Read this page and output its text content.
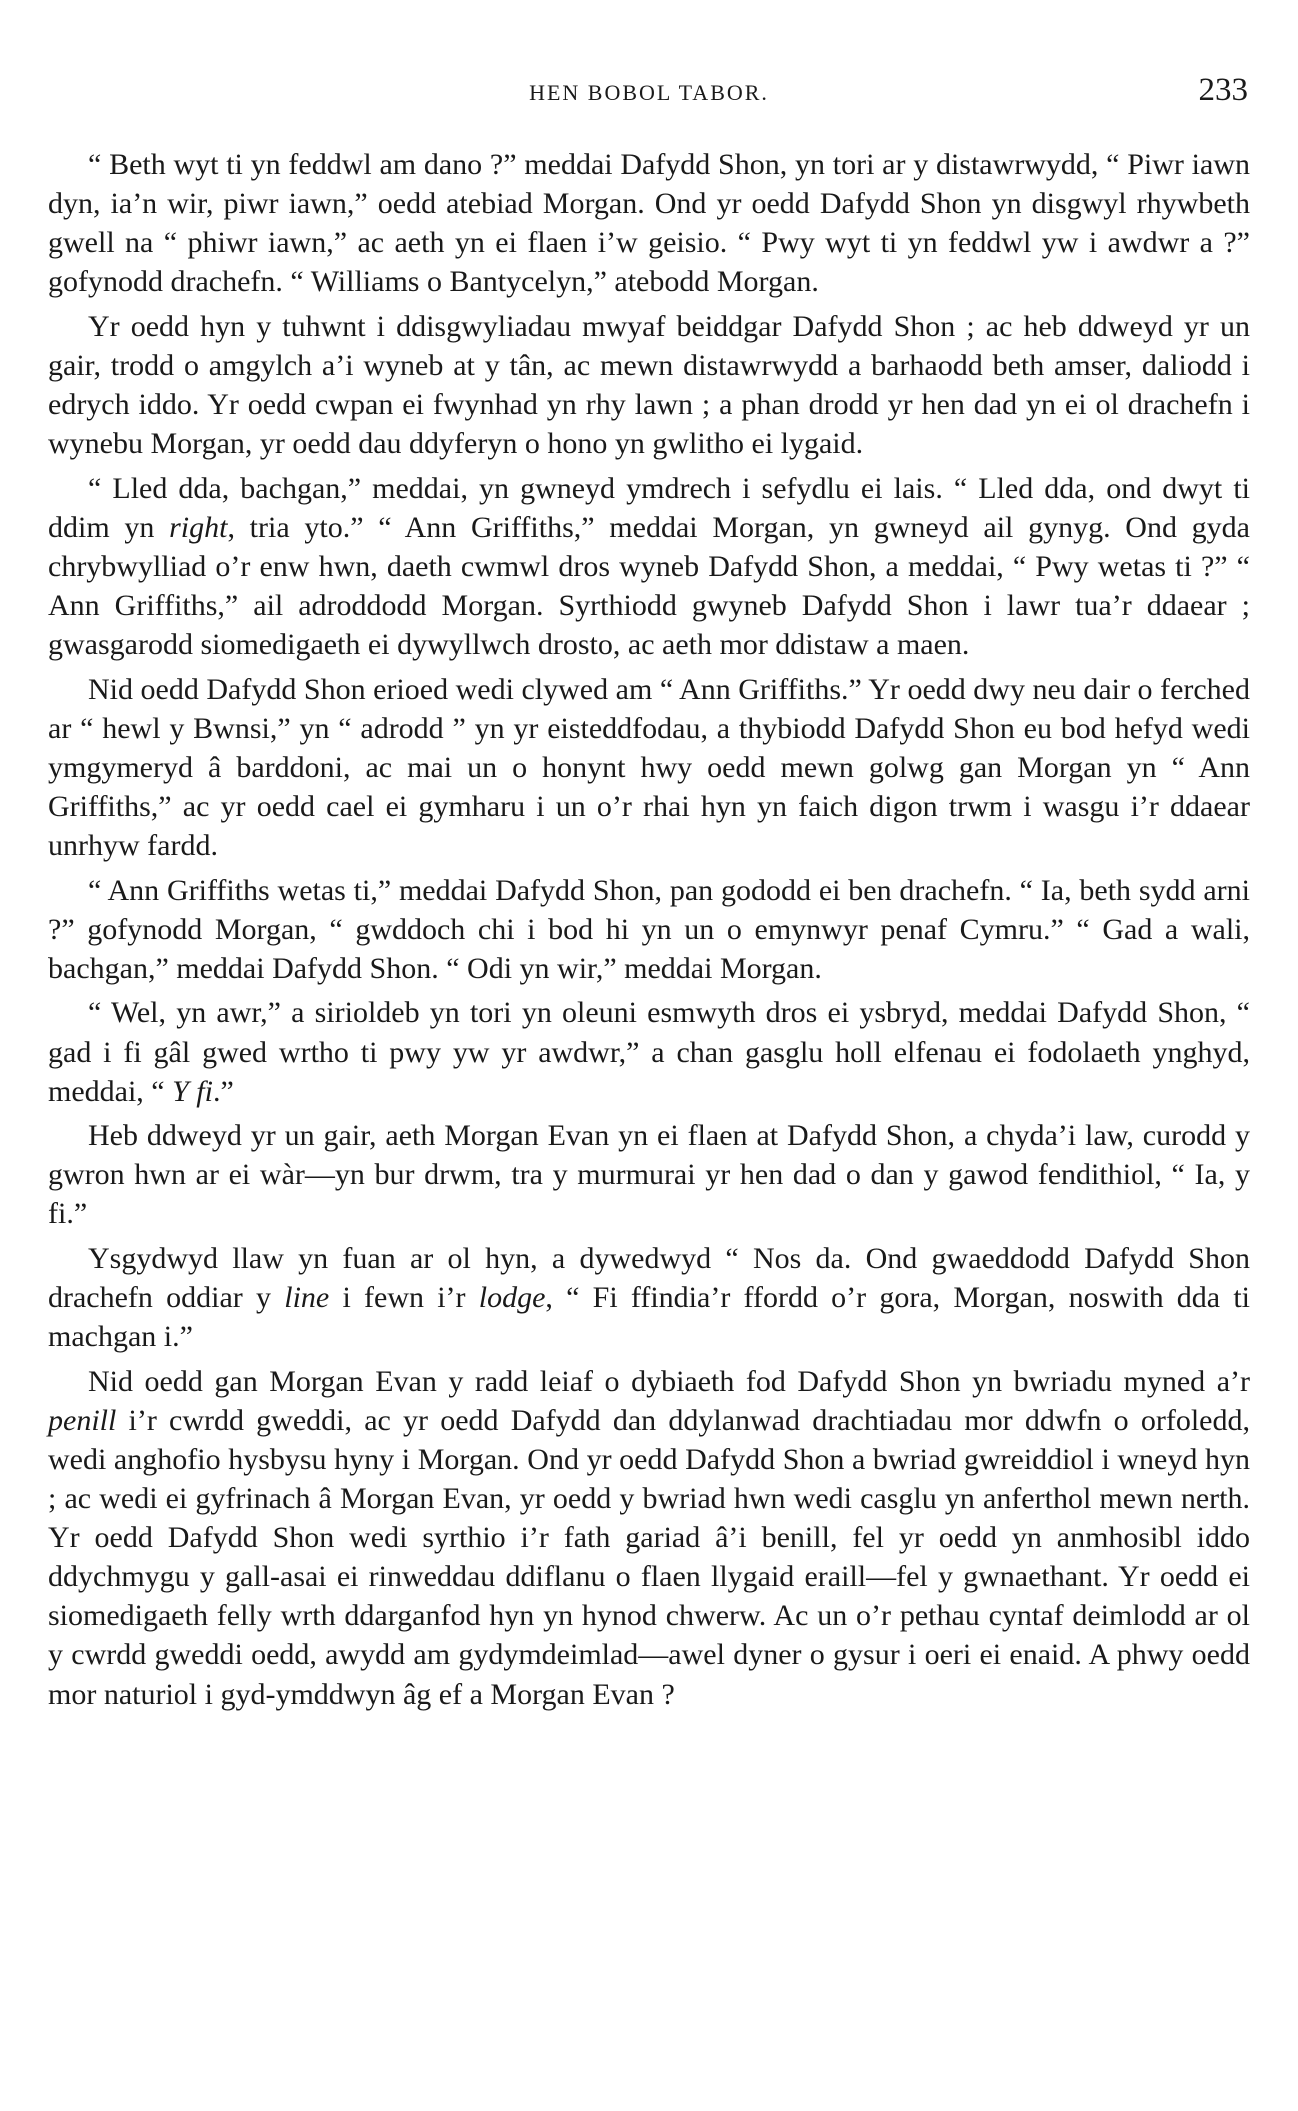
HEN BOBOL TABOR.	233

“ Beth wyt ti yn feddwl am dano ?” meddai Dafydd Shon, yn tori ar y distawrwydd, “ Piwr iawn dyn, ia’n wir, piwr iawn,” oedd atebiad Morgan. Ond yr oedd Dafydd Shon yn disgwyl rhywbeth gwell na “ phiwr iawn,” ac aeth yn ei flaen i’w geisio. “ Pwy wyt ti yn feddwl yw i awdwr a ?” gofynodd drachefn. “ Williams o Bantycelyn,” atebodd Morgan.

Yr oedd hyn y tuhwnt i ddisgwyliadau mwyaf beiddgar Dafydd Shon ; ac heb ddweyd yr un gair, trodd o amgylch a’i wyneb at y tân, ac mewn distawrwydd a barhaodd beth amser, daliodd i edrych iddo. Yr oedd cwpan ei fwynhad yn rhy lawn ; a phan drodd yr hen dad yn ei ol drachefn i wynebu Morgan, yr oedd dau ddyferyn o hono yn gwlitho ei lygaid.

“ Lled dda, bachgan,” meddai, yn gwneyd ymdrech i sefydlu ei lais. “ Lled dda, ond dwyt ti ddim yn right, tria yto.” “ Ann Griffiths,” meddai Morgan, yn gwneyd ail gynyg. Ond gyda chrybwylliad o’r enw hwn, daeth cwmwl dros wyneb Dafydd Shon, a meddai, “ Pwy wetas ti ?” “ Ann Griffiths,” ail adroddodd Morgan. Syrthiodd gwyneb Dafydd Shon i lawr tua’r ddaear ; gwasgarodd siomedigaeth ei dywyllwch drosto, ac aeth mor ddistaw a maen.

Nid oedd Dafydd Shon erioed wedi clywed am “ Ann Griffiths.” Yr oedd dwy neu dair o ferched ar “ hewl y Bwnsi,” yn “ adrodd ” yn yr eisteddfodau, a thybiodd Dafydd Shon eu bod hefyd wedi ymgymeryd â barddoni, ac mai un o honynt hwy oedd mewn golwg gan Morgan yn “ Ann Griffiths,” ac yr oedd cael ei gymharu i un o’r rhai hyn yn faich digon trwm i wasgu i’r ddaear unrhyw fardd.

“ Ann Griffiths wetas ti,” meddai Dafydd Shon, pan gododd ei ben drachefn. “ Ia, beth sydd arni ?” gofynodd Morgan, “ gwddoch chi i bod hi yn un o emynwyr penaf Cymru.” “ Gad a wali, bachgan,” meddai Dafydd Shon. “ Odi yn wir,” meddai Morgan.

“ Wel, yn awr,” a sirioldeb yn tori yn oleuni esmwyth dros ei ysbryd, meddai Dafydd Shon, “ gad i fi gâl gwed wrtho ti pwy yw yr awdwr,” a chan gasglu holl elfenau ei fodolaeth ynghyd, meddai, “ Y fi.”

Heb ddweyd yr un gair, aeth Morgan Evan yn ei flaen at Dafydd Shon, a chyda’i law, curodd y gwron hwn ar ei wàr—yn bur drwm, tra y murmurai yr hen dad o dan y gawod fendithiol, “ Ia, y fi.”

Ysgydwyd llaw yn fuan ar ol hyn, a dywedwyd “ Nos da. Ond gwaeddodd Dafydd Shon drachefn oddiar y line i fewn i’r lodge, “ Fi ffindia’r ffordd o’r gora, Morgan, noswith dda ti machgan i.”

Nid oedd gan Morgan Evan y radd leiaf o dybiaeth fod Dafydd Shon yn bwriadu myned a’r penill i’r cwrdd gweddi, ac yr oedd Dafydd dan ddylanwad drachtiadau mor ddwfn o orfoledd, wedi anghofio hysbysu hyny i Morgan. Ond yr oedd Dafydd Shon a bwriad gwreiddiol i wneyd hyn ; ac wedi ei gyfrinach â Morgan Evan, yr oedd y bwriad hwn wedi casglu yn anferthol mewn nerth. Yr oedd Dafydd Shon wedi syrthio i’r fath gariad â’i benill, fel yr oedd yn anmhosibl iddo ddychmygu y gall-asai ei rinweddau ddiflanu o flaen llygaid eraill—fel y gwnaethant. Yr oedd ei siomedigaeth felly wrth ddarganfod hyn yn hynod chwerw. Ac un o’r pethau cyntaf deimlodd ar ol y cwrdd gweddi oedd, awydd am gydymdeimlad—awel dyner o gysur i oeri ei enaid. A phwy oedd mor naturiol i gyd-ymddwyn âg ef a Morgan Evan ?
